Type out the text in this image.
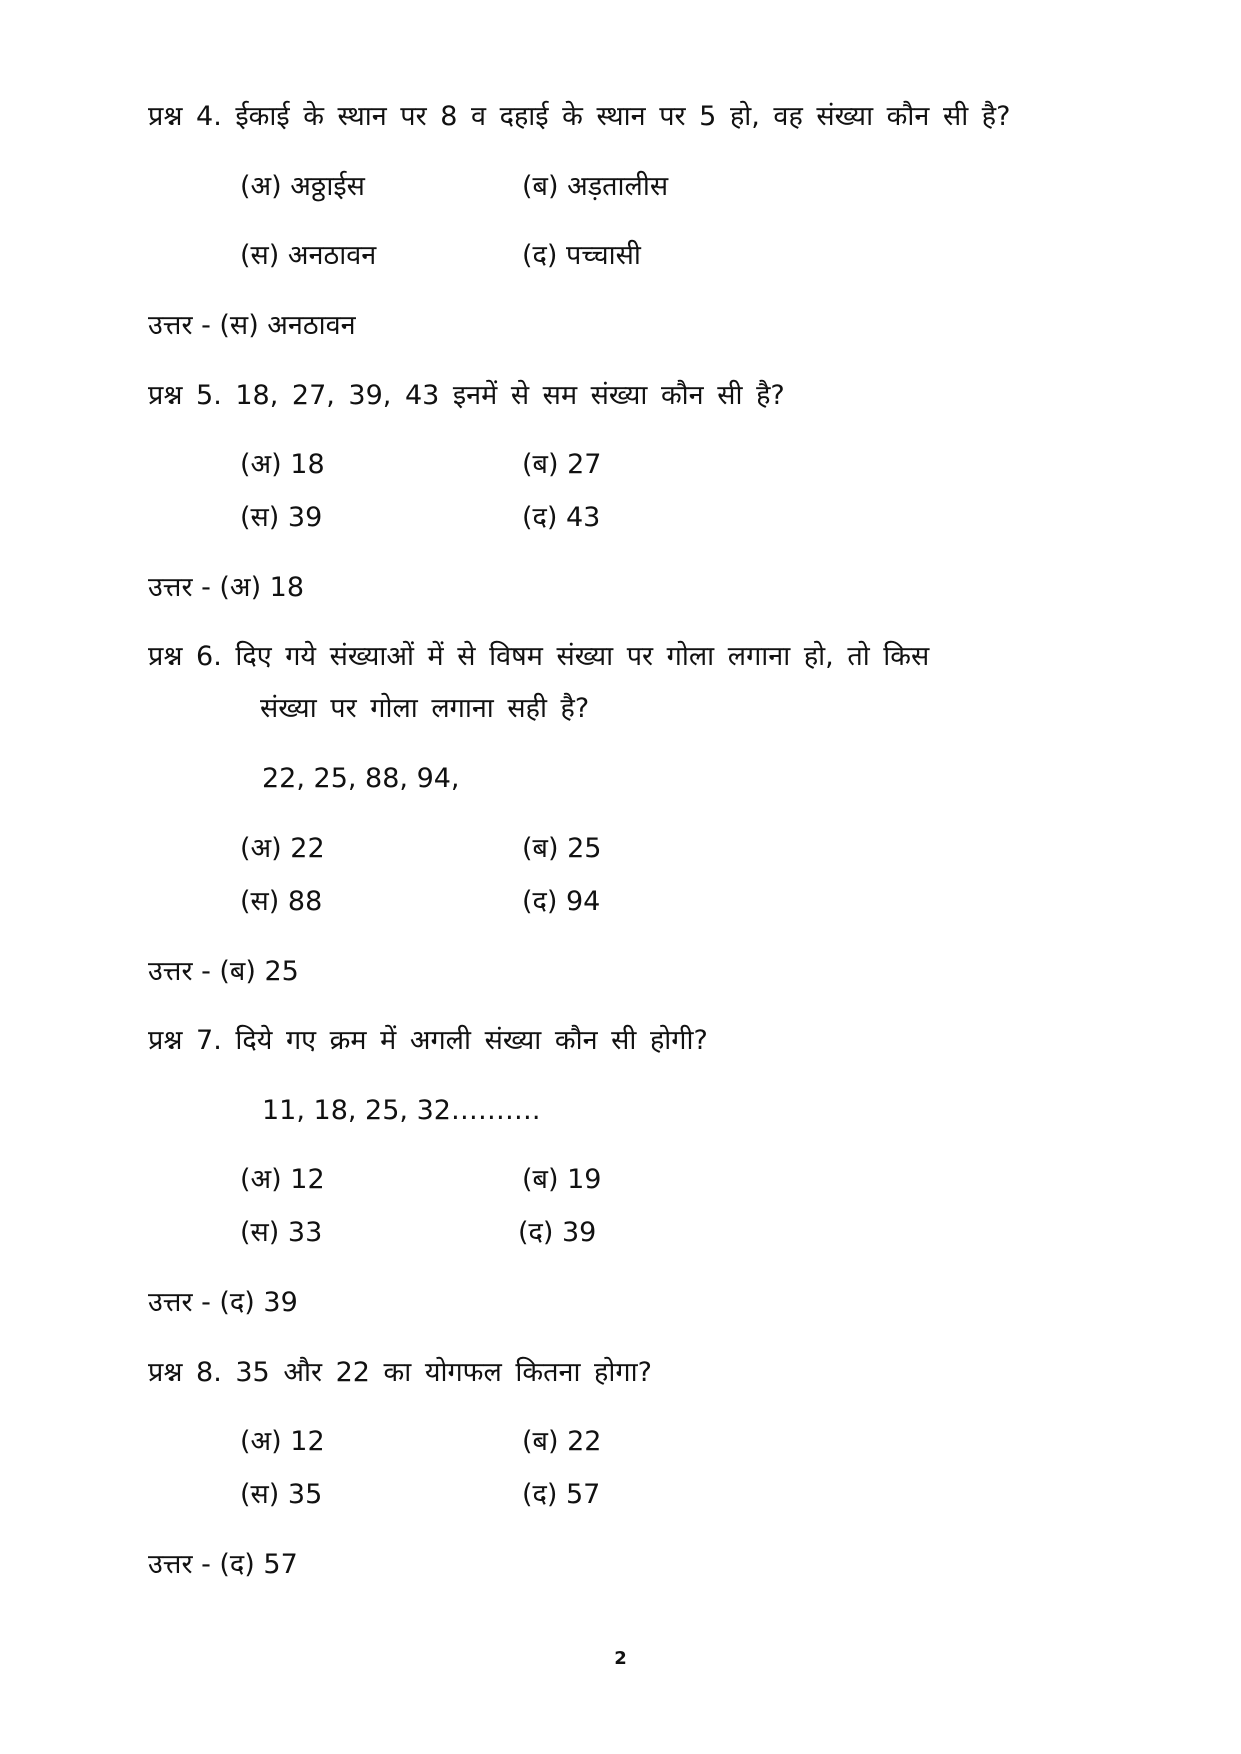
प्रश्न 4. ईकाई के स्थान पर 8 व दहाई के स्थान पर 5 हो, वह संख्या कौन सी है?
(अ) अठ्ठाईस	(ब) अड़तालीस
(स) अनठावन	(द) पच्चासी
उत्तर - (स) अनठावन
प्रश्न 5. 18, 27, 39, 43 इनमें से सम संख्या कौन सी है?
(अ) 18	(ब) 27
(स) 39	(द) 43
उत्तर - (अ) 18
प्रश्न 6. दिए गये संख्याओं में से विषम संख्या पर गोला लगाना हो, तो किस
संख्या पर गोला लगाना सही है?
22, 25, 88, 94,
(अ) 22	(ब) 25
(स) 88	(द) 94
उत्तर - (ब) 25
प्रश्न 7. दिये गए क्रम में अगली संख्या कौन सी होगी?
11, 18, 25, 32……….
(अ) 12	(ब) 19
(स) 33	(द) 39
उत्तर - (द) 39
प्रश्न 8. 35 और 22 का योगफल कितना होगा?
(अ) 12	(ब) 22
(स) 35	(द) 57
उत्तर - (द) 57
2
